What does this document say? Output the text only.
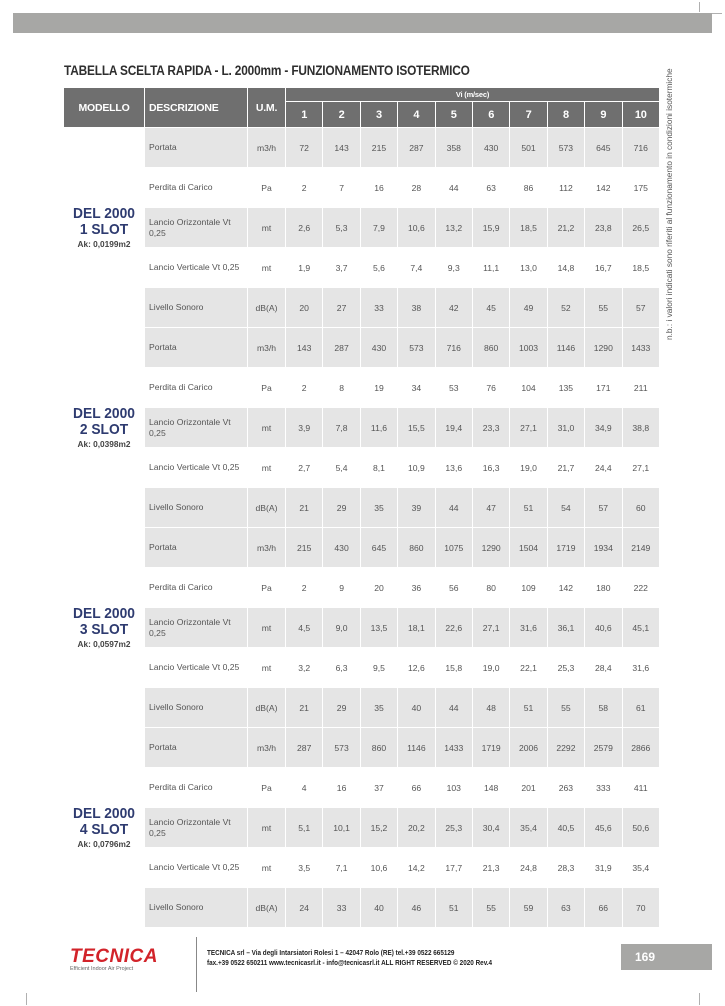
TABELLA SCELTA RAPIDA - L. 2000mm - FUNZIONAMENTO ISOTERMICO
MODELLO	DESCRIZIONE	U.M.	Vi (m/sec)									
			1	2	3	4	5	6	7	8	9	10

DEL 2000
1 SLOT
Ak: 0,0199m2	Portata	m3/h	72	143	215	287	358	430	501	573	645	716
	Perdita di Carico	Pa	2	7	16	28	44	63	86	112	142	175
	Lancio Orizzontale Vt 0,25	mt	2,6	5,3	7,9	10,6	13,2	15,9	18,5	21,2	23,8	26,5
	Lancio Verticale Vt 0,25	mt	1,9	3,7	5,6	7,4	9,3	11,1	13,0	14,8	16,7	18,5
	Livello Sonoro	dB(A)	20	27	33	38	42	45	49	52	55	57

DEL 2000
2 SLOT
Ak: 0,0398m2	Portata	m3/h	143	287	430	573	716	860	1003	1146	1290	1433
	Perdita di Carico	Pa	2	8	19	34	53	76	104	135	171	211
	Lancio Orizzontale Vt 0,25	mt	3,9	7,8	11,6	15,5	19,4	23,3	27,1	31,0	34,9	38,8
	Lancio Verticale Vt 0,25	mt	2,7	5,4	8,1	10,9	13,6	16,3	19,0	21,7	24,4	27,1
	Livello Sonoro	dB(A)	21	29	35	39	44	47	51	54	57	60

DEL 2000
3 SLOT
Ak: 0,0597m2	Portata	m3/h	215	430	645	860	1075	1290	1504	1719	1934	2149
	Perdita di Carico	Pa	2	9	20	36	56	80	109	142	180	222
	Lancio Orizzontale Vt 0,25	mt	4,5	9,0	13,5	18,1	22,6	27,1	31,6	36,1	40,6	45,1
	Lancio Verticale Vt 0,25	mt	3,2	6,3	9,5	12,6	15,8	19,0	22,1	25,3	28,4	31,6
	Livello Sonoro	dB(A)	21	29	35	40	44	48	51	55	58	61

DEL 2000
4 SLOT
Ak: 0,0796m2	Portata	m3/h	287	573	860	1146	1433	1719	2006	2292	2579	2866
	Perdita di Carico	Pa	4	16	37	66	103	148	201	263	333	411
	Lancio Orizzontale Vt 0,25	mt	5,1	10,1	15,2	20,2	25,3	30,4	35,4	40,5	45,6	50,6
	Lancio Verticale Vt 0,25	mt	3,5	7,1	10,6	14,2	17,7	21,3	24,8	28,3	31,9	35,4
	Livello Sonoro	dB(A)	24	33	40	46	51	55	59	63	66	70
n.b.: i valori indicati sono riferiti al funzionamento in condizioni isotermiche
TECNICA
Efficient Indoor Air Project
TECNICA srl – Via degli Intarsiatori Rolesi 1 – 42047 Rolo (RE) tel.+39 0522 665129
fax.+39 0522 650211 www.tecnicasrl.it - info@tecnicasrl.it ALL RIGHT RESERVED © 2020 Rev.4	169
